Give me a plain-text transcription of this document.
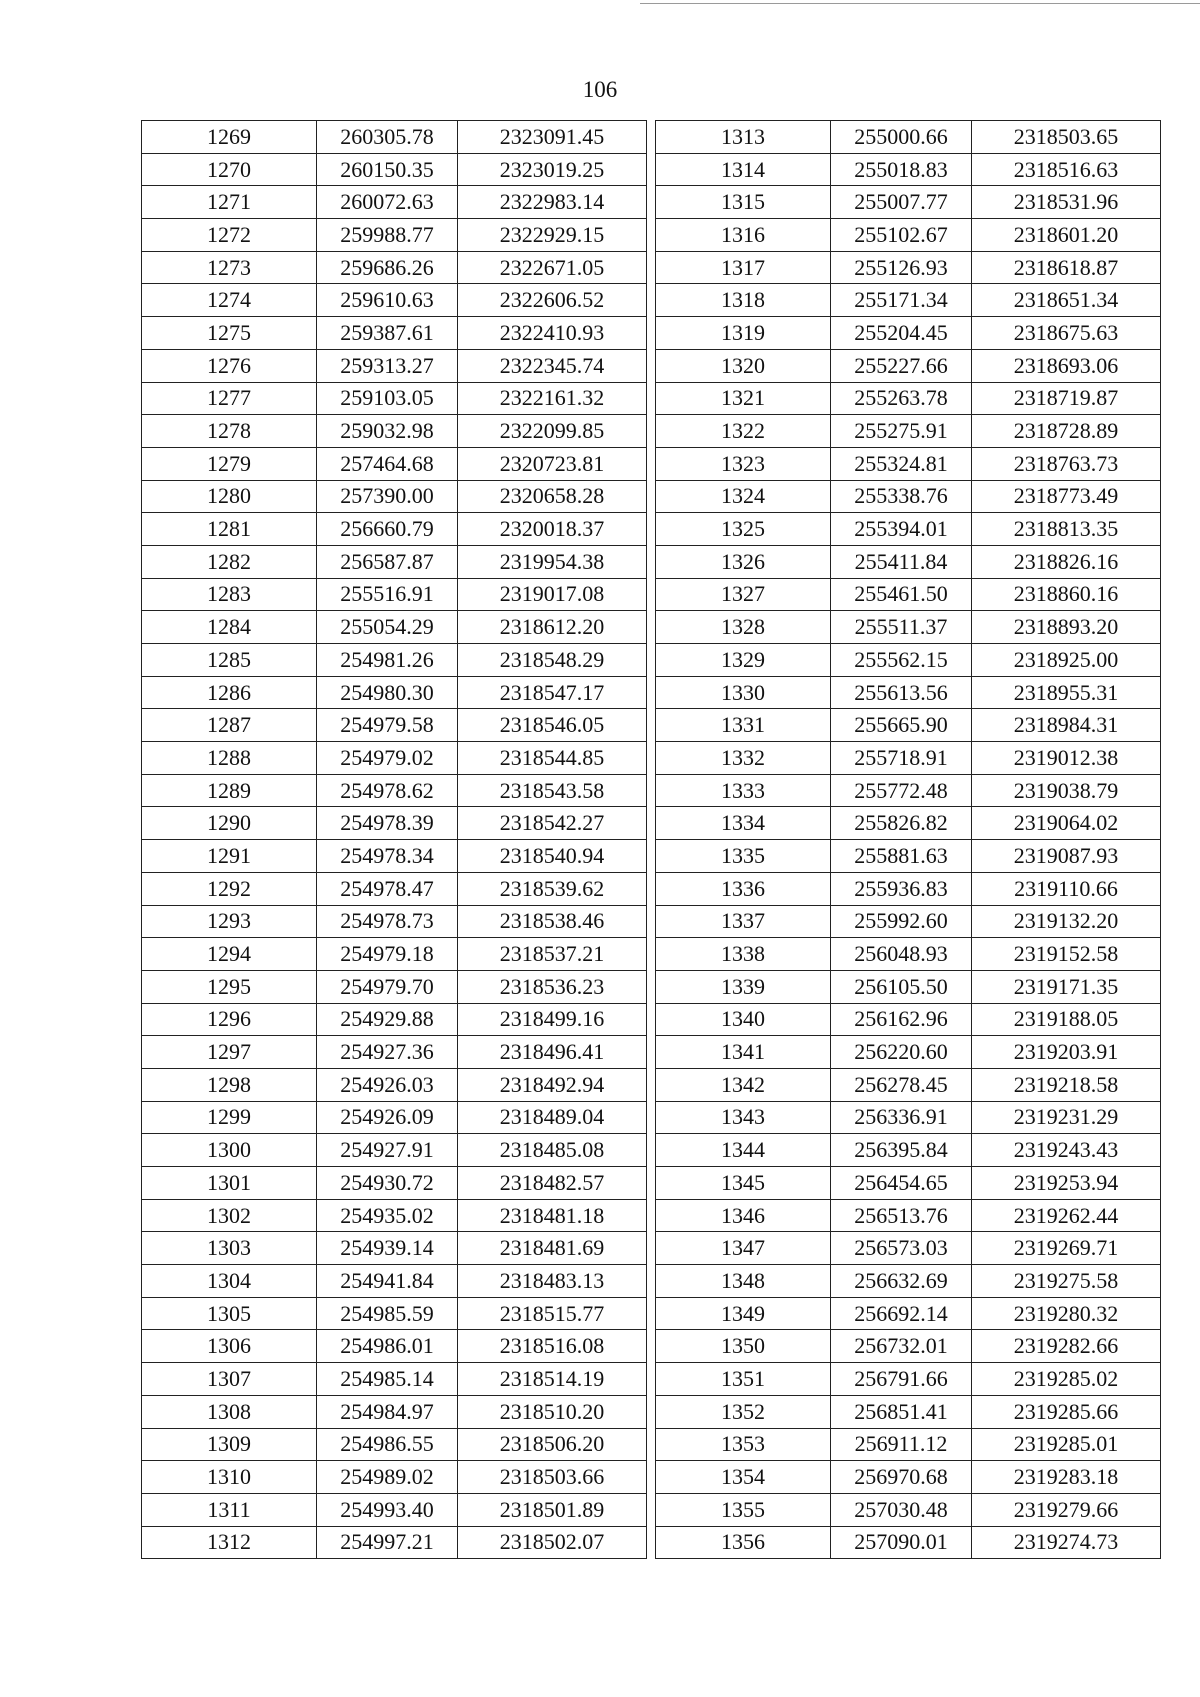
106
1269	260305.78	2323091.45
1270	260150.35	2323019.25
1271	260072.63	2322983.14
1272	259988.77	2322929.15
1273	259686.26	2322671.05
1274	259610.63	2322606.52
1275	259387.61	2322410.93
1276	259313.27	2322345.74
1277	259103.05	2322161.32
1278	259032.98	2322099.85
1279	257464.68	2320723.81
1280	257390.00	2320658.28
1281	256660.79	2320018.37
1282	256587.87	2319954.38
1283	255516.91	2319017.08
1284	255054.29	2318612.20
1285	254981.26	2318548.29
1286	254980.30	2318547.17
1287	254979.58	2318546.05
1288	254979.02	2318544.85
1289	254978.62	2318543.58
1290	254978.39	2318542.27
1291	254978.34	2318540.94
1292	254978.47	2318539.62
1293	254978.73	2318538.46
1294	254979.18	2318537.21
1295	254979.70	2318536.23
1296	254929.88	2318499.16
1297	254927.36	2318496.41
1298	254926.03	2318492.94
1299	254926.09	2318489.04
1300	254927.91	2318485.08
1301	254930.72	2318482.57
1302	254935.02	2318481.18
1303	254939.14	2318481.69
1304	254941.84	2318483.13
1305	254985.59	2318515.77
1306	254986.01	2318516.08
1307	254985.14	2318514.19
1308	254984.97	2318510.20
1309	254986.55	2318506.20
1310	254989.02	2318503.66
1311	254993.40	2318501.89
1312	254997.21	2318502.07
1313	255000.66	2318503.65
1314	255018.83	2318516.63
1315	255007.77	2318531.96
1316	255102.67	2318601.20
1317	255126.93	2318618.87
1318	255171.34	2318651.34
1319	255204.45	2318675.63
1320	255227.66	2318693.06
1321	255263.78	2318719.87
1322	255275.91	2318728.89
1323	255324.81	2318763.73
1324	255338.76	2318773.49
1325	255394.01	2318813.35
1326	255411.84	2318826.16
1327	255461.50	2318860.16
1328	255511.37	2318893.20
1329	255562.15	2318925.00
1330	255613.56	2318955.31
1331	255665.90	2318984.31
1332	255718.91	2319012.38
1333	255772.48	2319038.79
1334	255826.82	2319064.02
1335	255881.63	2319087.93
1336	255936.83	2319110.66
1337	255992.60	2319132.20
1338	256048.93	2319152.58
1339	256105.50	2319171.35
1340	256162.96	2319188.05
1341	256220.60	2319203.91
1342	256278.45	2319218.58
1343	256336.91	2319231.29
1344	256395.84	2319243.43
1345	256454.65	2319253.94
1346	256513.76	2319262.44
1347	256573.03	2319269.71
1348	256632.69	2319275.58
1349	256692.14	2319280.32
1350	256732.01	2319282.66
1351	256791.66	2319285.02
1352	256851.41	2319285.66
1353	256911.12	2319285.01
1354	256970.68	2319283.18
1355	257030.48	2319279.66
1356	257090.01	2319274.73
